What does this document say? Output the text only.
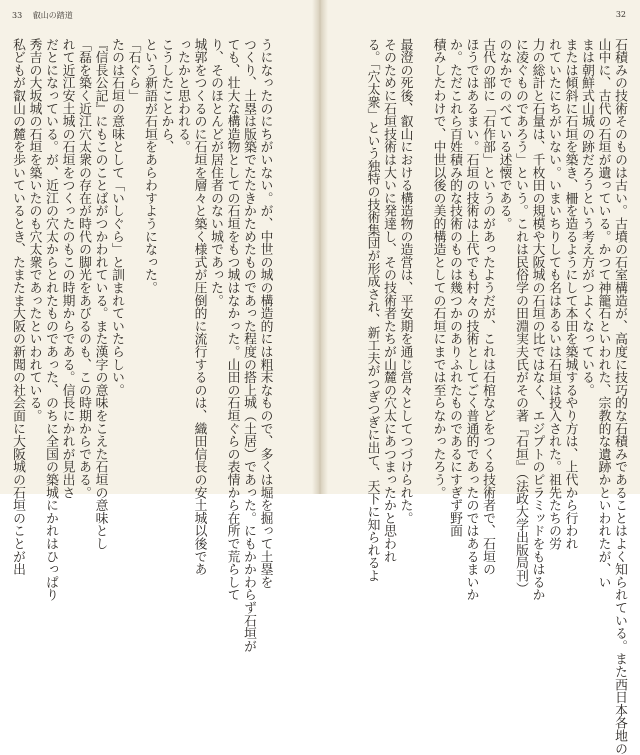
33 叡山の踏道
うになったのにちがいない。が、中世の城の構造的には粗末なもので、多くは堀を掘って土塁を
つくり、土塁は版築でたたきかためたものであった程度の搭上城（土居）であった。にもかかわらず石垣が
ても、壮大な構造物としての石垣をもつ城はなかった。山田の石垣ぐらの表情から在所で荒らして
り、そのほとんどが居住者のない城であった。
城郭をつくるのに石垣を層々と築く様式が圧倒的に流行するのは、織田信長の安土城以後であ
ったかと思われる。
こうしたことから、
という新語が石垣をあらわすようになった。
「石ぐら」
たのは石垣の意味として「いしぐら」と訓まれていたらしい。
『信長公記』にもこのことばがつかわれている。また漢字の意味をこえた石垣の意味とし
「磊を築く近江穴太衆の存在が時代の脚光をあびるのも、この時期からである。
れて近江安土城の石垣をつくったのもこの時期からである。信長にかれが見出さ
だとになっている。が、近江の穴太からとれたものであった、のちに全国の築城にかれはひっぱり
秀吉の大坂城の石垣を築いたのも穴太衆であったといわれている。
私どもが叡山の麓を歩いているとき、たまたま大阪の新聞の社会面に大阪城の石垣のことが出
32
石積みの技術そのものは古い。古墳の石室構造が、高度に技巧的な石積みであることはよく知られている。また西日本各地の
山中に、古代の石垣が遺っている。かつて神籠石といわれた、宗教的な遺跡かといわれたが、い
まは朝鮮式山城の跡だろうという考え方がつよくなっている。
または傾斜に石垣を築き、柵を造るようにして本田を築城するやり方は、上代から行われ
れていたにちがいない。いまいちりしても名はあるいは石垣は投入された。祖先たちの労
力の総計と石量は、千枚田の規模や大阪城の石垣の比ではなく、エジプトのピラミッドをもはるか
に凌ぐものであろう」という。これは民俗学の田淵実夫氏がその著『石垣』（法政大学出版局刊）
のなかでのべている述懐である。
古代の部に「石作部」というのがあったようだが、これは石棺などをつくる技術者で、石垣の
ほうではあるまい。石垣の技術は上代でも村々の技術としてごく普通的であったのではあるまいか
か。ただこれら百姓積み的な技術のものは幾つかのありふれたものであるにすぎず野面
積みしたわけで、中世以後の美的構造としての石垣にまでは至らなかったろう。
最澄の死後、叡山における構造物の造営は、平安期を通じ営々としてつづけられた。
そのために石垣技術は大いに発達し、その技術者たちが山麓の穴太にあつまったかと思われ
る。「穴太衆」という独特の技術集団が形成され、新工夫がつぎつぎに出て、天下に知られるよ
